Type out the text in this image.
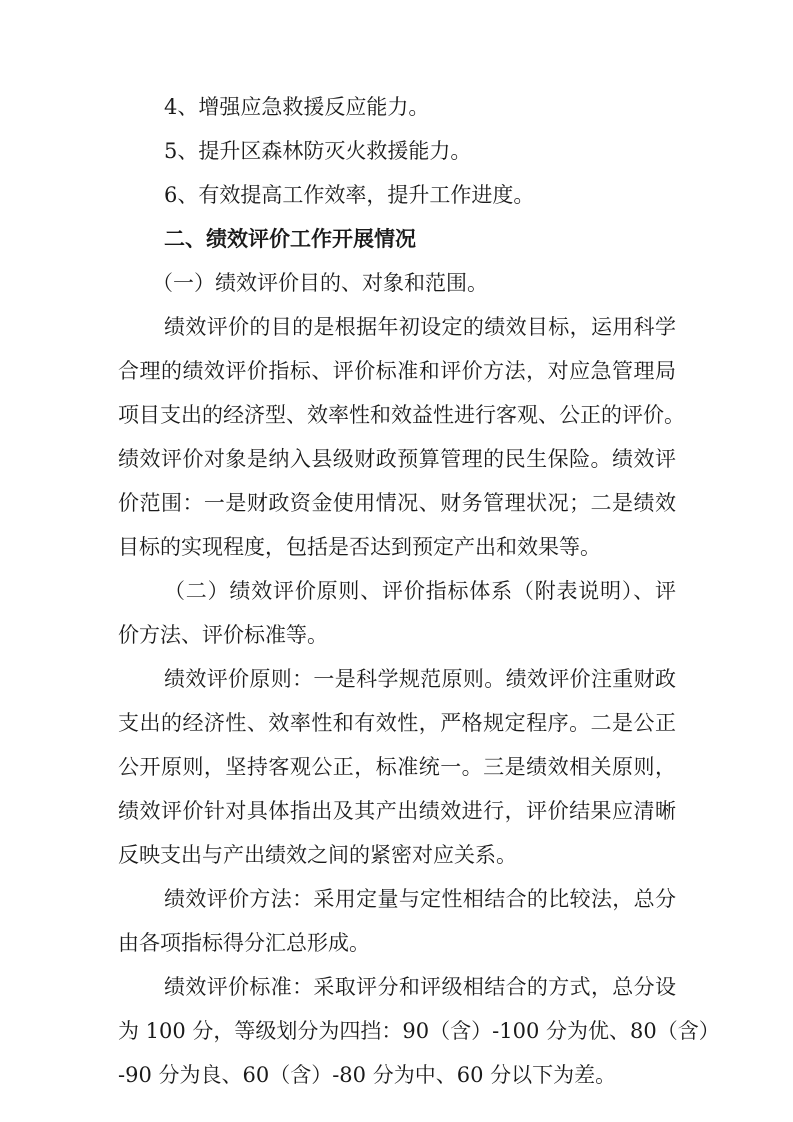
4、增强应急救援反应能力。

5、提升区森林防灭火救援能力。

6、有效提高工作效率，提升工作进度。

二、绩效评价工作开展情况

（一）绩效评价目的、对象和范围。

绩效评价的目的是根据年初设定的绩效目标，运用科学

合理的绩效评价指标、评价标准和评价方法，对应急管理局

项目支出的经济型、效率性和效益性进行客观、公正的评价。

绩效评价对象是纳入县级财政预算管理的民生保险。绩效评

价范围：一是财政资金使用情况、财务管理状况；二是绩效

目标的实现程度，包括是否达到预定产出和效果等。

（二）绩效评价原则、评价指标体系（附表说明）、评

价方法、评价标准等。

绩效评价原则：一是科学规范原则。绩效评价注重财政

支出的经济性、效率性和有效性，严格规定程序。二是公正

公开原则，坚持客观公正，标准统一。三是绩效相关原则，

绩效评价针对具体指出及其产出绩效进行，评价结果应清晰

反映支出与产出绩效之间的紧密对应关系。

绩效评价方法：采用定量与定性相结合的比较法，总分

由各项指标得分汇总形成。

绩效评价标准：采取评分和评级相结合的方式，总分设

为 100 分，等级划分为四挡：90（含）-100 分为优、80（含）

-90 分为良、60（含）-80 分为中、60 分以下为差。
